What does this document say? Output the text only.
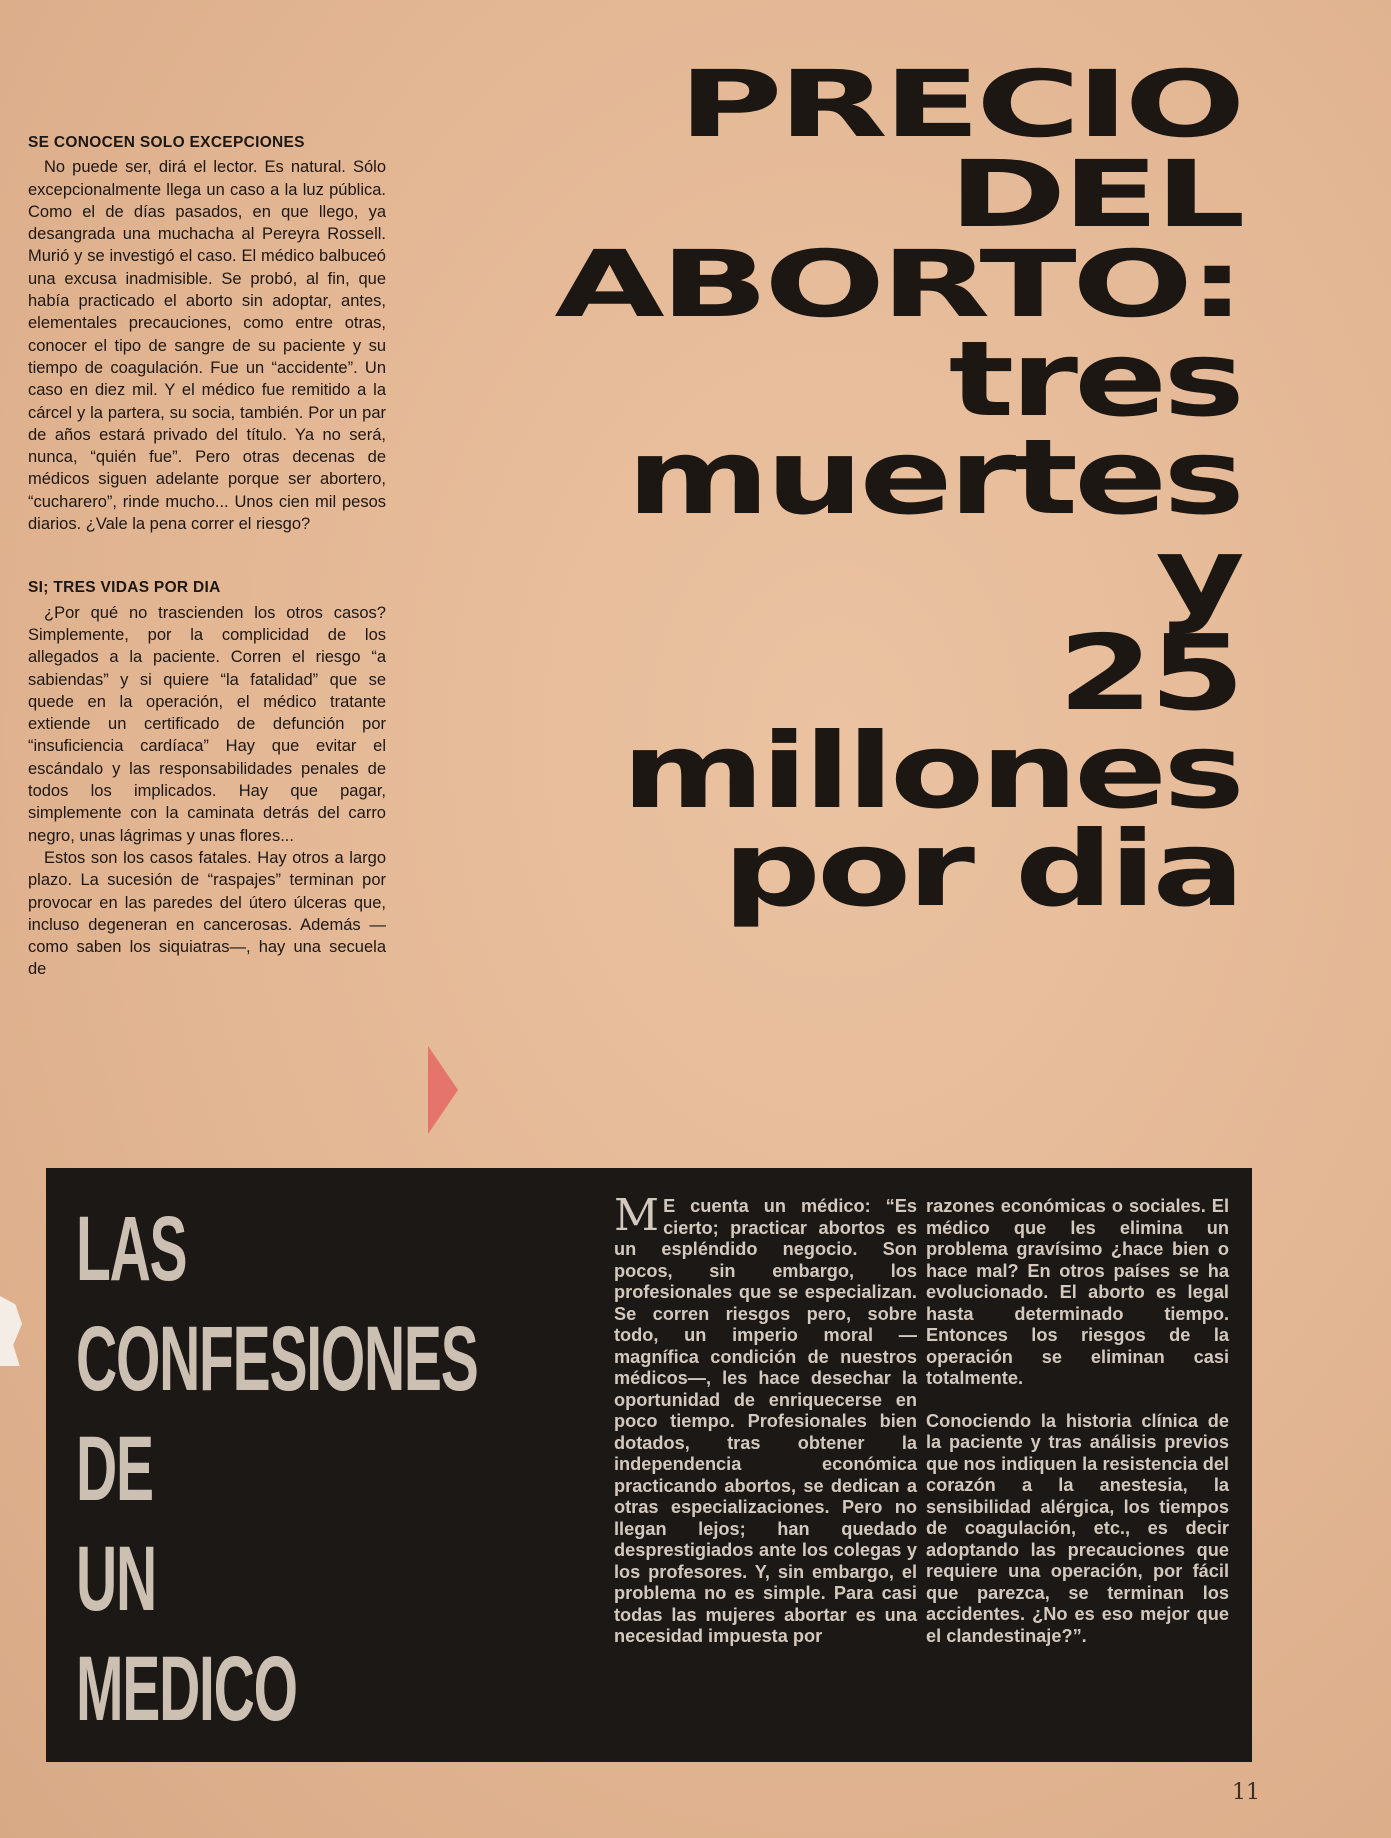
SE CONOCEN SOLO EXCEPCIONES

No puede ser, dirá el lector. Es natural. Sólo excepcionalmente llega un caso a la luz pública. Como el de días pasados, en que llego, ya desangrada una muchacha al Pereyra Rossell. Murió y se investigó el caso. El médico balbuceó una excusa inadmisible. Se probó, al fin, que había practicado el aborto sin adoptar, antes, elementales precauciones, como entre otras, conocer el tipo de sangre de su paciente y su tiempo de coagulación. Fue un “accidente”. Un caso en diez mil. Y el médico fue remitido a la cárcel y la partera, su socia, también. Por un par de años estará privado del título. Ya no será, nunca, “quién fue”. Pero otras decenas de médicos siguen adelante porque ser abortero, “cucharero”, rinde mucho... Unos cien mil pesos diarios. ¿Vale la pena correr el riesgo?

SI; TRES VIDAS POR DIA

¿Por qué no trascienden los otros casos? Simplemente, por la complicidad de los allegados a la paciente. Corren el riesgo “a sabiendas” y si quiere “la fatalidad” que se quede en la operación, el médico tratante extiende un certificado de defunción por “insuficiencia cardíaca” Hay que evitar el escándalo y las responsabilidades penales de todos los implicados. Hay que pagar, simplemente con la caminata detrás del carro negro, unas lágrimas y unas flores...

Estos son los casos fatales. Hay otros a largo plazo. La sucesión de “raspajes” terminan por provocar en las paredes del útero úlceras que, incluso degeneran en cancerosas. Además —como saben los siquiatras—, hay una secuela de

PRECIO
DEL
ABORTO:
tres
muertes
y
25
millones
por dia
LAS
CONFESIONES
DE
UN
MEDICO

M E cuenta un médico: “Es cierto; practicar abortos es un espléndido negocio. Son pocos, sin embargo, los profesionales que se especializan. Se corren riesgos pero, sobre todo, un imperio moral —magnífica condición de nuestros médicos—, les hace desechar la oportunidad de enriquecerse en poco tiempo. Profesionales bien dotados, tras obtener la independencia económica practicando abortos, se dedican a otras especializaciones. Pero no llegan lejos; han quedado desprestigiados ante los colegas y los profesores. Y, sin embargo, el problema no es simple. Para casi todas las mujeres abortar es una necesidad impuesta por

razones económicas o sociales. El médico que les elimina un problema gravísimo ¿hace bien o hace mal? En otros países se ha evolucionado. El aborto es legal hasta determinado tiempo. Entonces los riesgos de la operación se eliminan casi totalmente.

Conociendo la historia clínica de la paciente y tras análisis previos que nos indiquen la resistencia del corazón a la anestesia, la sensibilidad alérgica, los tiempos de coagulación, etc., es decir adoptando las precauciones que requiere una operación, por fácil que parezca, se terminan los accidentes. ¿No es eso mejor que el clandestinaje?”.

11
